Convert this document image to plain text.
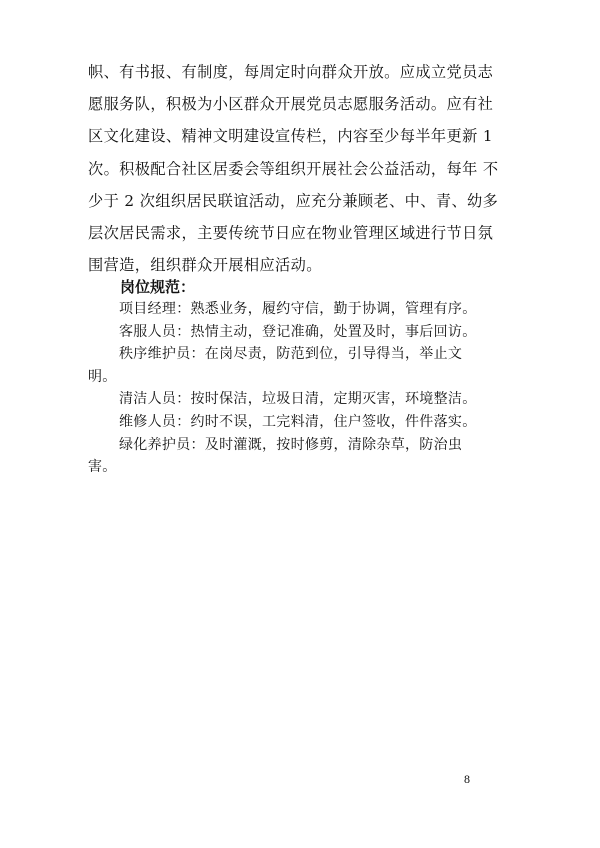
帜、有书报、有制度，每周定时向群众开放。应成立党员志
愿服务队，积极为小区群众开展党员志愿服务活动。应有社
区文化建设、精神文明建设宣传栏，内容至少每半年更新 1
次。积极配合社区居委会等组织开展社会公益活动，每年 不
少于 2 次组织居民联谊活动，应充分兼顾老、中、青、幼多
层次居民需求，主要传统节日应在物业管理区域进行节日氛
围营造，组织群众开展相应活动。
岗位规范：
项目经理：熟悉业务，履约守信，勤于协调，管理有序。
客服人员：热情主动，登记准确，处置及时，事后回访。
秩序维护员：在岗尽责，防范到位，引导得当，举止文
明。
清洁人员：按时保洁，垃圾日清，定期灭害，环境整洁。
维修人员：约时不误，工完料清，住户签收，件件落实。
绿化养护员：及时灌溉，按时修剪，清除杂草，防治虫
害。
8
